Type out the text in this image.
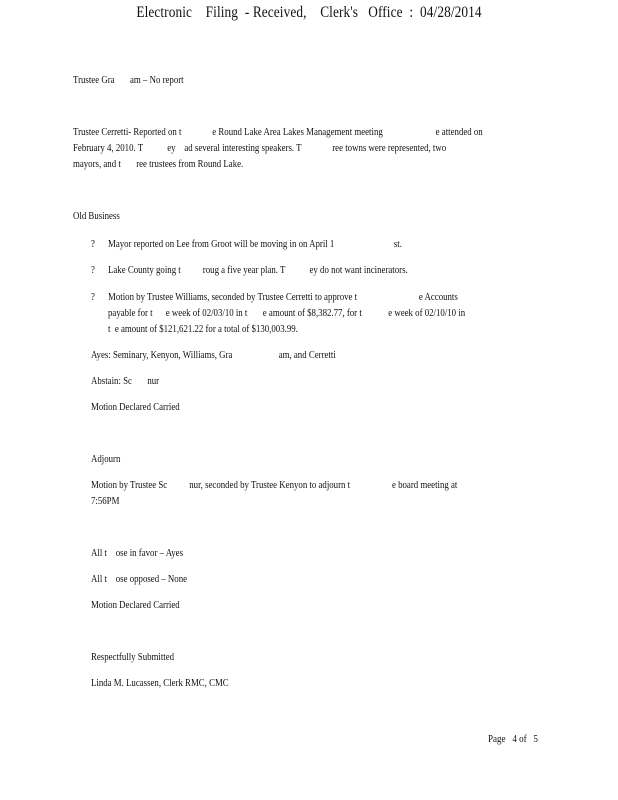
Electronic    Filing  - Received,    Clerk's   Office  :  04/28/2014
Trustee Gra       am – No report
Trustee Cerretti- Reported on t              e Round Lake Area Lakes Management meeting                        e attended on
February 4, 2010. T           ey    ad several interesting speakers. T              ree towns were represented, two
mayors, and t       ree trustees from Round Lake.
Old Business
? Mayor reported on Lee from Groot will be moving in on April 1                           st.
? Lake County going t          roug a five year plan. T           ey do not want incinerators.
? Motion by Trustee Williams, seconded by Trustee Cerretti to approve t                            e Accounts
payable for t      e week of 02/03/10 in t       e amount of $8,382.77, for t            e week of 02/10/10 in
t  e amount of $121,621.22 for a total of $130,003.99.
Ayes: Seminary, Kenyon, Williams, Gra                     am, and Cerretti
Abstain: Sc       nur
Motion Declared Carried
Adjourn
Motion by Trustee Sc          nur, seconded by Trustee Kenyon to adjourn t                   e board meeting at
7:56PM
All t    ose in favor – Ayes
All t    ose opposed – None
Motion Declared Carried
Respectfully Submitted
Linda M. Lucassen, Clerk RMC, CMC
Page   4 of   5
